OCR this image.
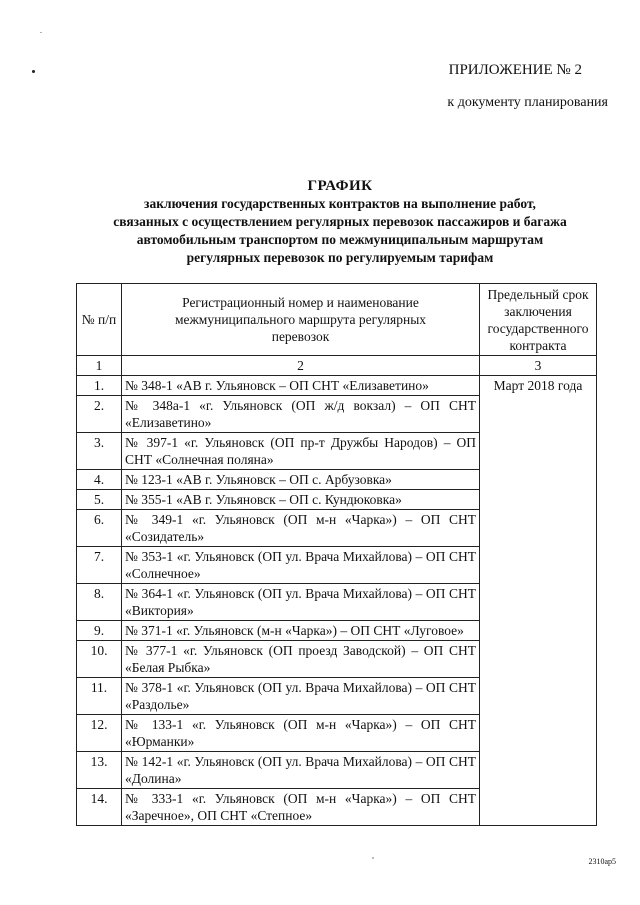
ПРИЛОЖЕНИЕ № 2
к документу планирования
ГРАФИК
заключения государственных контрактов на выполнение работ,
связанных с осуществлением регулярных перевозок пассажиров и багажа
автомобильным транспортом по межмуниципальным маршрутам
регулярных перевозок по регулируемым тарифам
№ п/п	Регистрационный номер и наименование межмуниципального маршрута регулярных перевозок	Предельный срок заключения государственного контракта
1	2	3
1.	№ 348-1 «АВ г. Ульяновск – ОП СНТ «Елизаветино»	Март 2018 года
2.	№ 348а-1 «г. Ульяновск (ОП ж/д вокзал) – ОП СНТ «Елизаветино»	
3.	№ 397-1 «г. Ульяновск (ОП пр-т Дружбы Народов) – ОП СНТ «Солнечная поляна»	
4.	№ 123-1 «АВ г. Ульяновск – ОП с. Арбузовка»	
5.	№ 355-1 «АВ г. Ульяновск – ОП с. Кундюковка»	
6.	№ 349-1 «г. Ульяновск (ОП м-н «Чарка») – ОП СНТ «Созидатель»	
7.	№ 353-1 «г. Ульяновск (ОП ул. Врача Михайлова) – ОП СНТ «Солнечное»	
8.	№ 364-1 «г. Ульяновск (ОП ул. Врача Михайлова) – ОП СНТ «Виктория»	
9.	№ 371-1 «г. Ульяновск (м-н «Чарка») – ОП СНТ «Луговое»	
10.	№ 377-1 «г. Ульяновск (ОП проезд Заводской) – ОП СНТ «Белая Рыбка»	
11.	№ 378-1 «г. Ульяновск (ОП ул. Врача Михайлова) – ОП СНТ «Раздолье»	
12.	№ 133-1 «г. Ульяновск (ОП м-н «Чарка») – ОП СНТ «Юрманки»	
13.	№ 142-1 «г. Ульяновск (ОП ул. Врача Михайлова) – ОП СНТ «Долина»	
14.	№ 333-1 «г. Ульяновск (ОП м-н «Чарка») – ОП СНТ «Заречное», ОП СНТ «Степное»	
2310ар5
